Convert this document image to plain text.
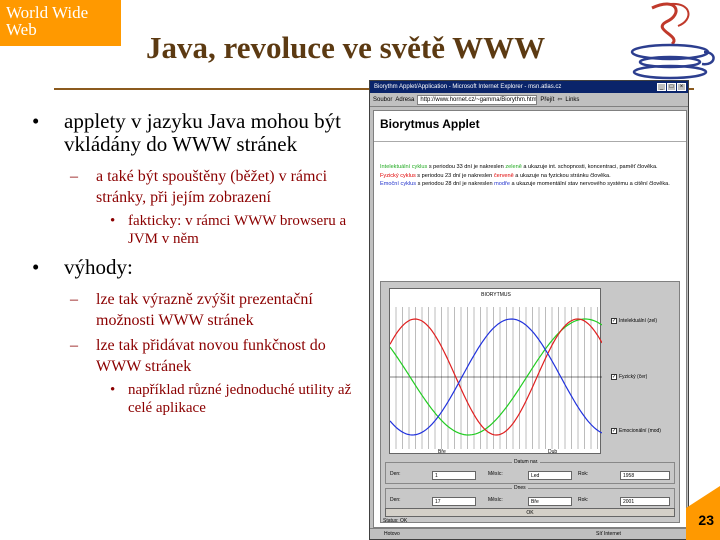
World Wide
Web
Java, revoluce ve světě WWW
• applety v jazyku Java mohou být vkládány do WWW stránek
– a také být spouštěny (běžet) v rámci stránky, při jejím zobrazení
• fakticky: v rámci WWW browseru a JVM v něm
• výhody:
– lze tak výrazně zvýšit prezentační možnosti WWW stránek
– lze tak přidávat novou funkčnost do WWW stránek
• například různé jednoduché utility až celé aplikace
Biorythm Applet/Application - Microsoft Internet Explorer - msn.atlas.cz	_	□	×
Soubor Adresa	http://www.hornet.cz/~gamma/Biorythm.htm Přejít ⇦ Links
Biorytmus Applet
Intelektuální cyklus s periodou 33 dní je nakreslen zeleně a ukazuje int. schopnosti, koncentraci, paměť člověka.
Fyzický cyklus s periodou 23 dní je nakreslen červeně a ukazuje na fyzickou stránku člověka.
Emoční cyklus s periodou 28 dní je nakreslen modře a ukazuje momentální stav nervového systému a citění člověka.
BIORYTMUS
Bře	Dub
✓ Intelektuální (zel)
✓ Fyzický (čer)
✓ Emocionální (mod)
Datum nar.
Den:	1	Měsíc:	Led	Rok:	1958
Dnes
Den:	17	Měsíc:	Bře	Rok:	2001
OK
Status: OK
Hotovo	Síť Internet
23
